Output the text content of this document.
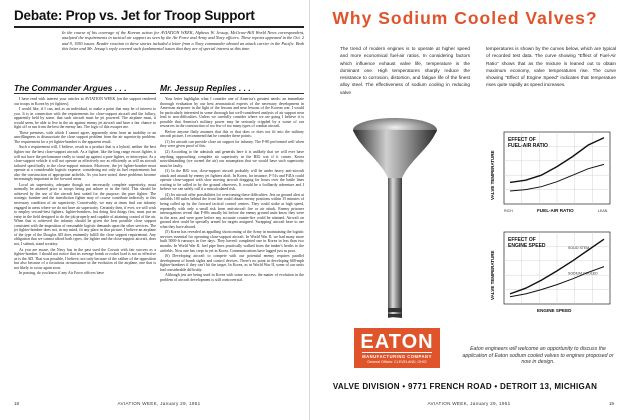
Debate: Prop vs. Jet for Troop Support
In the course of his coverage of the Korean action for AVIATION WEEK, Alpheus W. Jessup, McGraw-Hill World News correspondent, analyzed the requirements in tactical air support as seen by the Air Force and Army and Navy officers. These reports appeared in the Oct. 2 and 9, 1950 issues. Reader reaction to these stories included a letter from a Navy commander aboard an attack carrier in the Pacific. Both this letter and Mr. Jessup's reply covered such fundamental issues that they are of special interest at this time.
The Commander Argues . . .	Mr. Jessup Replies . . .

I have read with interest your articles in AVIATION WEEK (on the support rendered our troops in Korea by jet fighters).

I would like, if I can, and as an individual, to make a point that may be of interest to you. It is in connection with the requirements for close-support aircraft and the fallacy, apparently held by some, that such aircraft must be jet powered. The airplane must, it would seem, be able to live in the air against enemy jet aircraft and have a fair chance to fight off or run from the best the enemy has. The logic of this escapes me.

These premises, with which I cannot agree, apparently stem from an inability or an unwillingness to disassociate the close support problem from the air superiority problem. The requirement for a jet fighter-bomber is the apparent result.

Such a requirement will, I believe, result in a product that is a hybrid, neither the best fighter nor the best close-support aircraft. As a fighter, like the long range escort fighter, it will not have the performance really to stand up against a pure fighter, or interceptor. As a close-support vehicle it will not operate as effectively nor as efficiently as will an aircraft tailored specifically to the close-support mission. Moreover, the jet fighter-bomber must operate at a considerable logistic expense, considering not only its fuel requirements but also the construction of appropriate airfields. As you have noted, these problems become increasingly important in the forward areas.

Local air superiority, adequate though not necessarily complete superiority, must normally be attained prior to troops being put ashore or in the field. This should be achieved by the use of the aircraft best suited for the purpose: the pure fighter. The strategic bomber and the interdiction fighter may of course contribute indirectly to this necessary condition of air superiority. Conceivably, we may at times find our infantry engaged in areas where we do not have air superiority. Certainly then, if ever, we will wish to employ second-best fighters, fighter-bombers, but doing first things first, must put an entry in the field designed to do the job properly and capable of attaining control of the air. When that is achieved the infantry should be given the best possible close support consistent with the imposition of reasonable logistic demands upon the other services. The jet fighter-bomber does not, in my mind, fit any place in that picture. I believe an airplane of the type of the Douglas AD does eminently fulfill the close support requirement. Any obligation that we cannot afford both types, the fighter and the close-support aircraft, does not, I submit, stand scrutiny.

As you are aware, the Navy has in the past used the Corsair with fair success as a fighter-bomber. I should not notice that its average bomb or rocket load is not so effective as is the AD. That was possible, I believe, not only because of the caliber of the opposition but also because of a fortuitous circumstance in the evolution of the airplane, one that is not likely to occur again soon.

In passing, do you know if any Air Force officers have

Your letter highlights what I consider one of America's greatest needs: an immediate thorough evaluation by our best aeronautical experts of the necessary development in American airpower in the light of the lessons and near lessons of the Korean war. I would be particularly interested in some thorough but well-considered analysis of air support near lead to non-difficulties. Unless we carefully consider where we are going I believe it is possible that America's military power may be seriously crippled by a waste of our resources in the construction of too few of too many types of combat aircraft.

Before anyone flatly assumes that this or that does or does not fit into the military aircraft picture, I recommend that he consider these points:

(1) Jet aircraft can provide close air support for infantry. The F-80 performed well when they were given proof of this.

(2) According to the admirals and generals here it is unlikely that we will ever have anything approaching complete air superiority in the BIG war if it comes. Korea notwithstanding (we owned the air) our assumption that we would have such superiority must be faulty.

(3) In the BIG war, close-support aircraft probably will be under heavy anti-aircraft attack and assault by enemy jet fighters aloft. In Korea, for instance, F-51s and F4Us could operate close-support with slow moving aircraft dragging for hours over the battle lines waiting to be called in by the ground observers. It would be a foolhardy adventure and I believe we can safely call it a miscalculated risk.

(4) Jet aircraft offer possibilities for overcoming these difficulties. Jets on ground alert at airfields 100 miles behind the front line could obtain enemy positions within 15 minutes of being called up by the forward tactical control centers. They could strike at high speed, repeatedly with only a small risk from anti-aircraft fire or air attack. Enemy prisoner interrogations reveal that F-80s usually hit before the enemy ground units know they were in the area, and were gone before any accurate counter-fire could be attained. Aircraft on ground alert could be specially armed for targets assigned. 'Swapping' aircraft have to use what they have aboard.

(5) Korea has revealed an appalling shortcoming of the Army in maintaining the logistic services essential for operating close-support aircraft. In World War II, we had many more built 5000-ft runways in five days. They haven't completed one in Korea in less than two months. In World War II, fuel pipe lines practically walked from the tanker's berths to the airfields. Now one has crept in yet in Korea. Communications have lagged just as poor.

(6) Developing aircraft to compete with our potential enemy requires parallel development of bomb sights and control devices. There's no point in developing 600-mph fighter-bombers if they can't hit the target. In Korea, as in World War II, some of our units had considerable difficulty.

Although jets are being used in Korea with some success, the matter of evolution in the problem of aircraft development is still controversial.

18	AVIATION WEEK, January 29, 1951
Why Sodium Cooled Valves?

The trend of modern engines is to operate at higher speed and more economical fuel-air ratios. In considering factors which influence exhaust valve life, temperature is the dominant one. High temperatures sharply reduce the resistance to corrosion, distortion, and fatigue life of the finest alloy steel. The effectiveness of sodium cooling in reducing valve

temperatures is shown by the curves below, which are typical of recorded test data. The curve showing "Effect of Fuel-Air Ratio" shows that as the mixture is leaned out to obtain maximum economy, valve temperatures rise. The curve showing "Effect of Engine Speed" indicates that temperature rises quite rapidly as speed increases.

EFFECT OF
FUEL-AIR RATIO
VALVE TEMPERATURE
FUEL-AIR RATIO
RICH	LEAN
EFFECT OF
ENGINE SPEED
VALVE TEMPERATURE
ENGINE SPEED
SOLID STEM
SODIUM COOLED
EATON
MANUFACTURING COMPANY
General Offices: CLEVELAND, OHIO
Eaton engineers will welcome an opportunity to discuss the application of Eaton sodium cooled valves to engines proposed or now in design.
VALVE DIVISION • 9771 FRENCH ROAD • DETROIT 13, MICHIGAN
AVIATION WEEK, January 29, 1951	19
